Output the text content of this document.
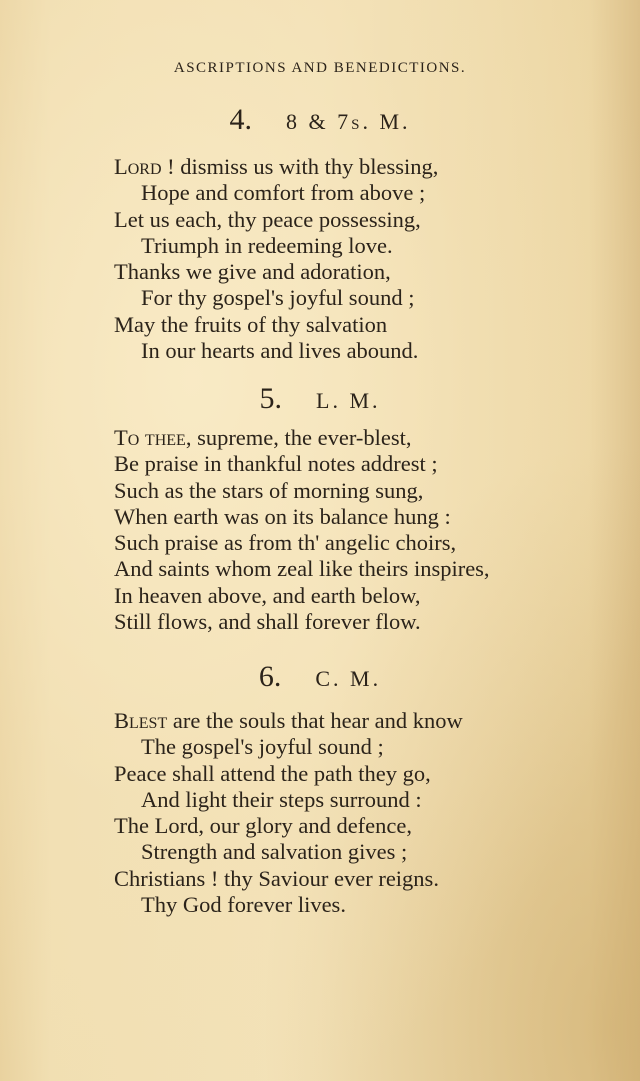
ASCRIPTIONS AND BENEDICTIONS.
4. 8 & 7s. M.
Lord ! dismiss us with thy blessing,
Hope and comfort from above ;
Let us each, thy peace possessing,
Triumph in redeeming love.
Thanks we give and adoration,
For thy gospel's joyful sound ;
May the fruits of thy salvation
In our hearts and lives abound.
5. L. M.
To thee, supreme, the ever-blest,
Be praise in thankful notes addrest ;
Such as the stars of morning sung,
When earth was on its balance hung :
Such praise as from th' angelic choirs,
And saints whom zeal like theirs inspires,
In heaven above, and earth below,
Still flows, and shall forever flow.
6. C. M.
Blest are the souls that hear and know
The gospel's joyful sound ;
Peace shall attend the path they go,
And light their steps surround :
The Lord, our glory and defence,
Strength and salvation gives ;
Christians ! thy Saviour ever reigns.
Thy God forever lives.
